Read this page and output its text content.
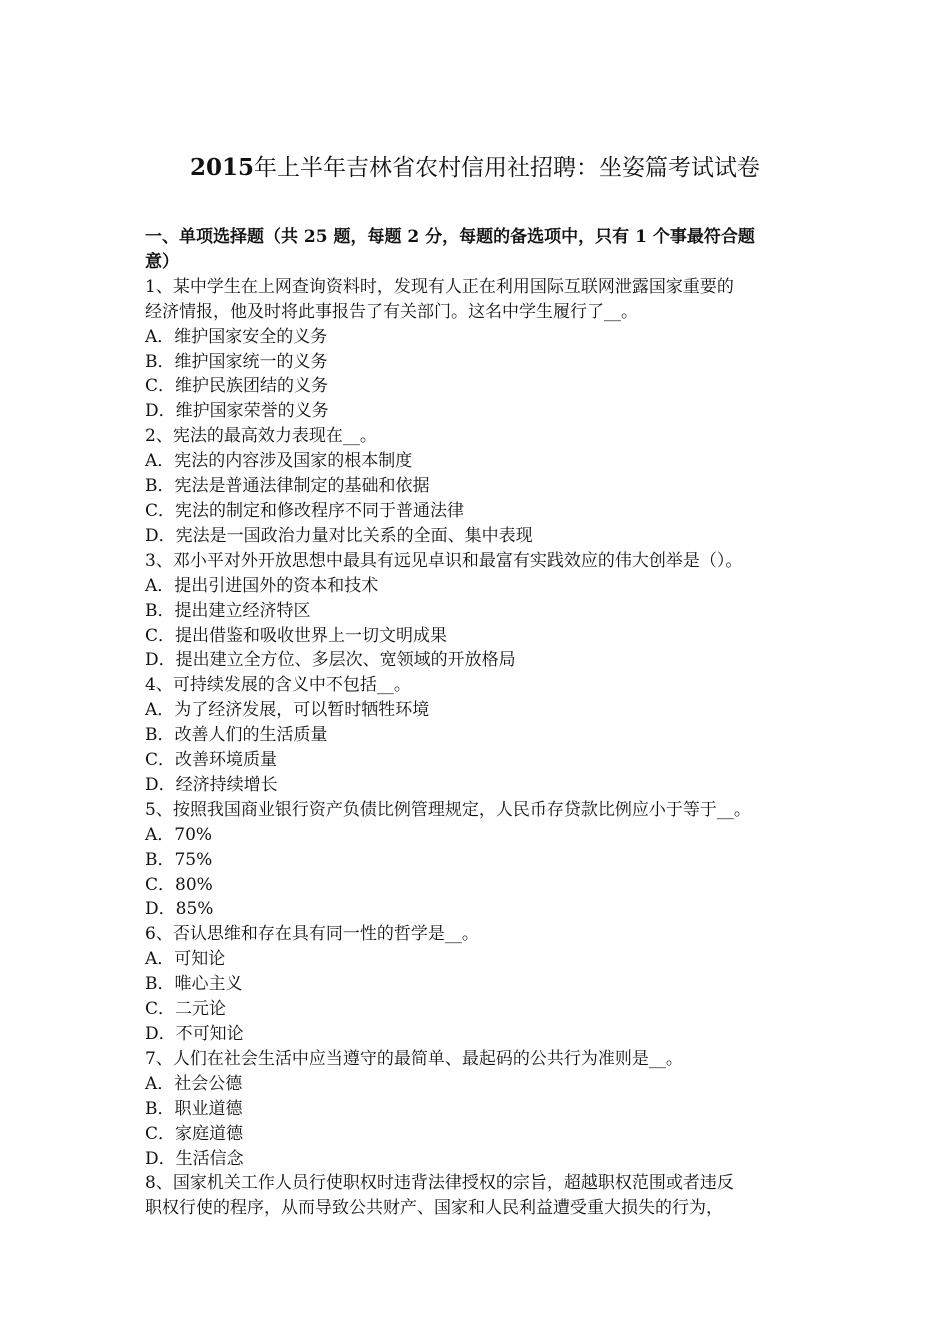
2015年上半年吉林省农村信用社招聘：坐姿篇考试试卷
一、单项选择题（共 25 题，每题 2 分，每题的备选项中，只有 1 个事最符合题
意）
1、某中学生在上网查询资料时，发现有人正在利用国际互联网泄露国家重要的
经济情报，他及时将此事报告了有关部门。这名中学生履行了__。
A．维护国家安全的义务
B．维护国家统一的义务
C．维护民族团结的义务
D．维护国家荣誉的义务
2、宪法的最高效力表现在__。
A．宪法的内容涉及国家的根本制度
B．宪法是普通法律制定的基础和依据
C．宪法的制定和修改程序不同于普通法律
D．宪法是一国政治力量对比关系的全面、集中表现
3、邓小平对外开放思想中最具有远见卓识和最富有实践效应的伟大创举是（）。
A．提出引进国外的资本和技术
B．提出建立经济特区
C．提出借鉴和吸收世界上一切文明成果
D．提出建立全方位、多层次、宽领域的开放格局
4、可持续发展的含义中不包括__。
A．为了经济发展，可以暂时牺牲环境
B．改善人们的生活质量
C．改善环境质量
D．经济持续增长
5、按照我国商业银行资产负债比例管理规定，人民币存贷款比例应小于等于__。
A．70%
B．75%
C．80%
D．85%
6、否认思维和存在具有同一性的哲学是__。
A．可知论
B．唯心主义
C．二元论
D．不可知论
7、人们在社会生活中应当遵守的最简单、最起码的公共行为准则是__。
A．社会公德
B．职业道德
C．家庭道德
D．生活信念
8、国家机关工作人员行使职权时违背法律授权的宗旨，超越职权范围或者违反
职权行使的程序，从而导致公共财产、国家和人民利益遭受重大损失的行为，
